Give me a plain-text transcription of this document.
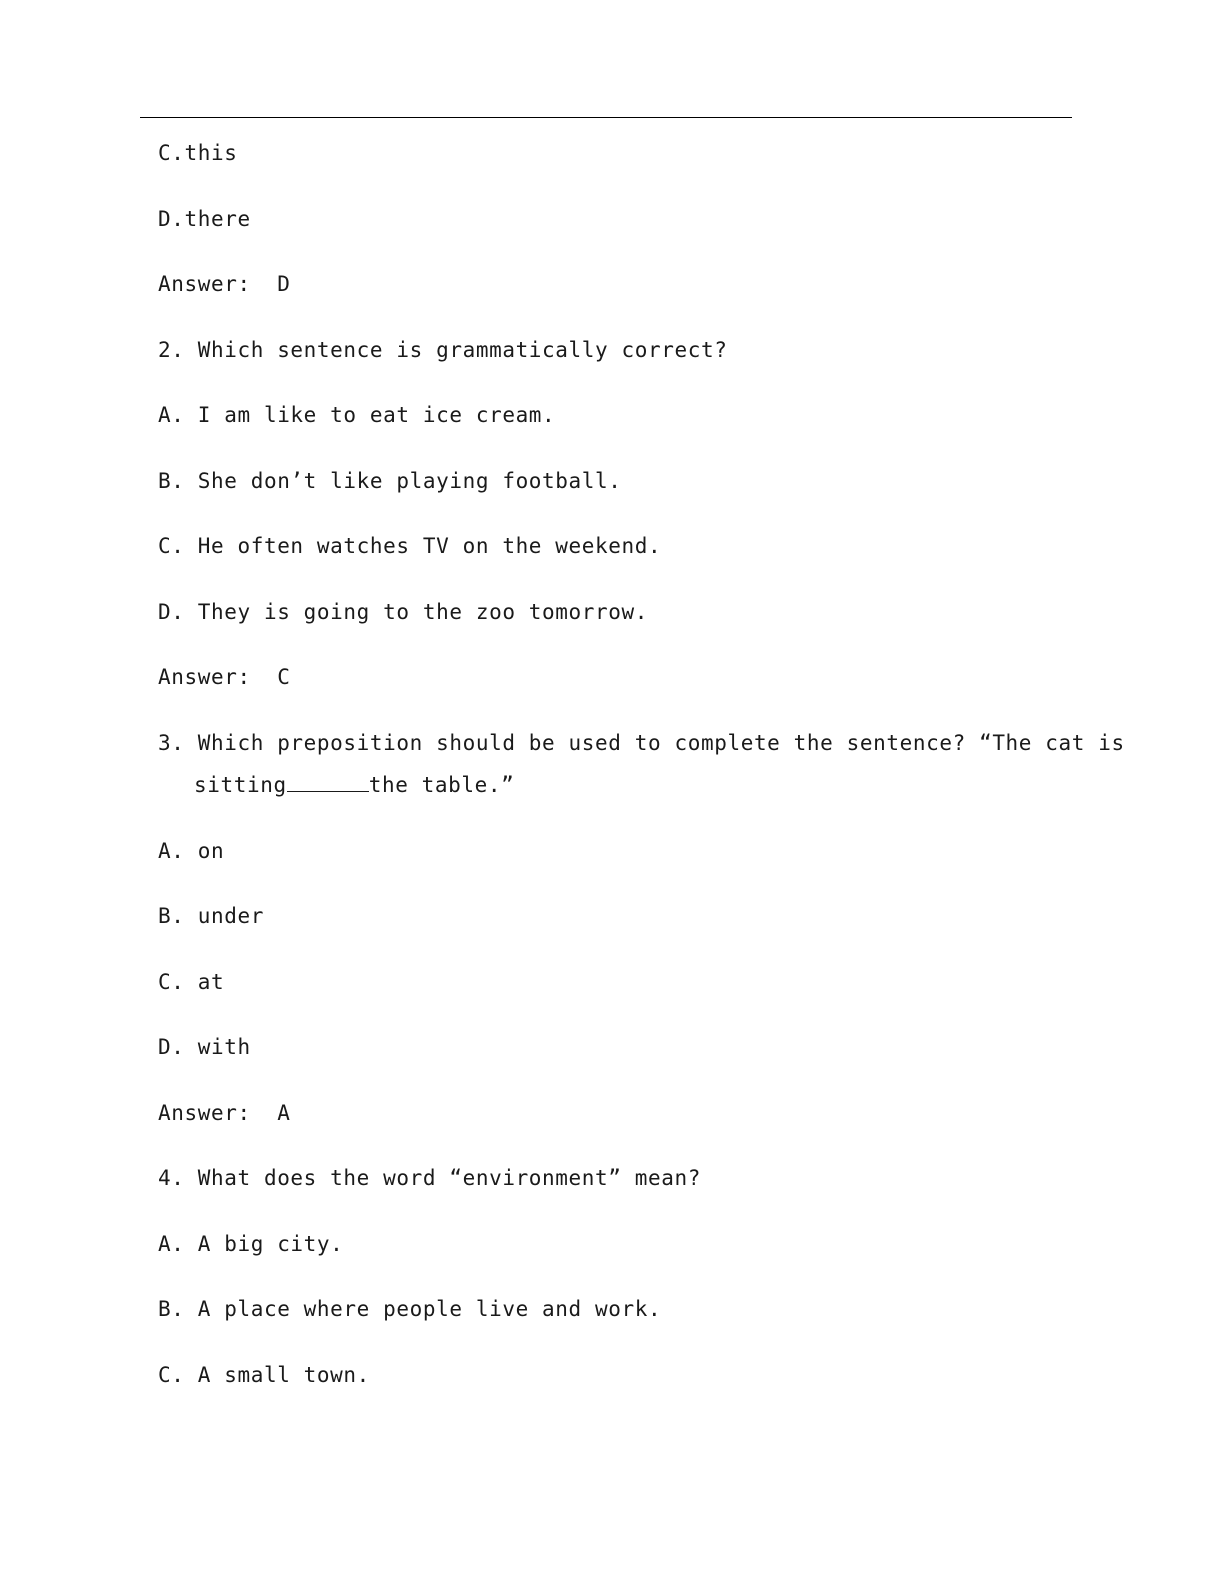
C.this
D.there
Answer:  D
2. Which sentence is grammatically correct?
A. I am like to eat ice cream.
B. She don’t like playing football.
C. He often watches TV on the weekend.
D. They is going to the zoo tomorrow.
Answer:  C
3. Which preposition should be used to complete the sentence? “The cat is
sitting	the table.”
A. on
B. under
C. at
D. with
Answer:  A
4. What does the word “environment” mean?
A. A big city.
B. A place where people live and work.
C. A small town.
